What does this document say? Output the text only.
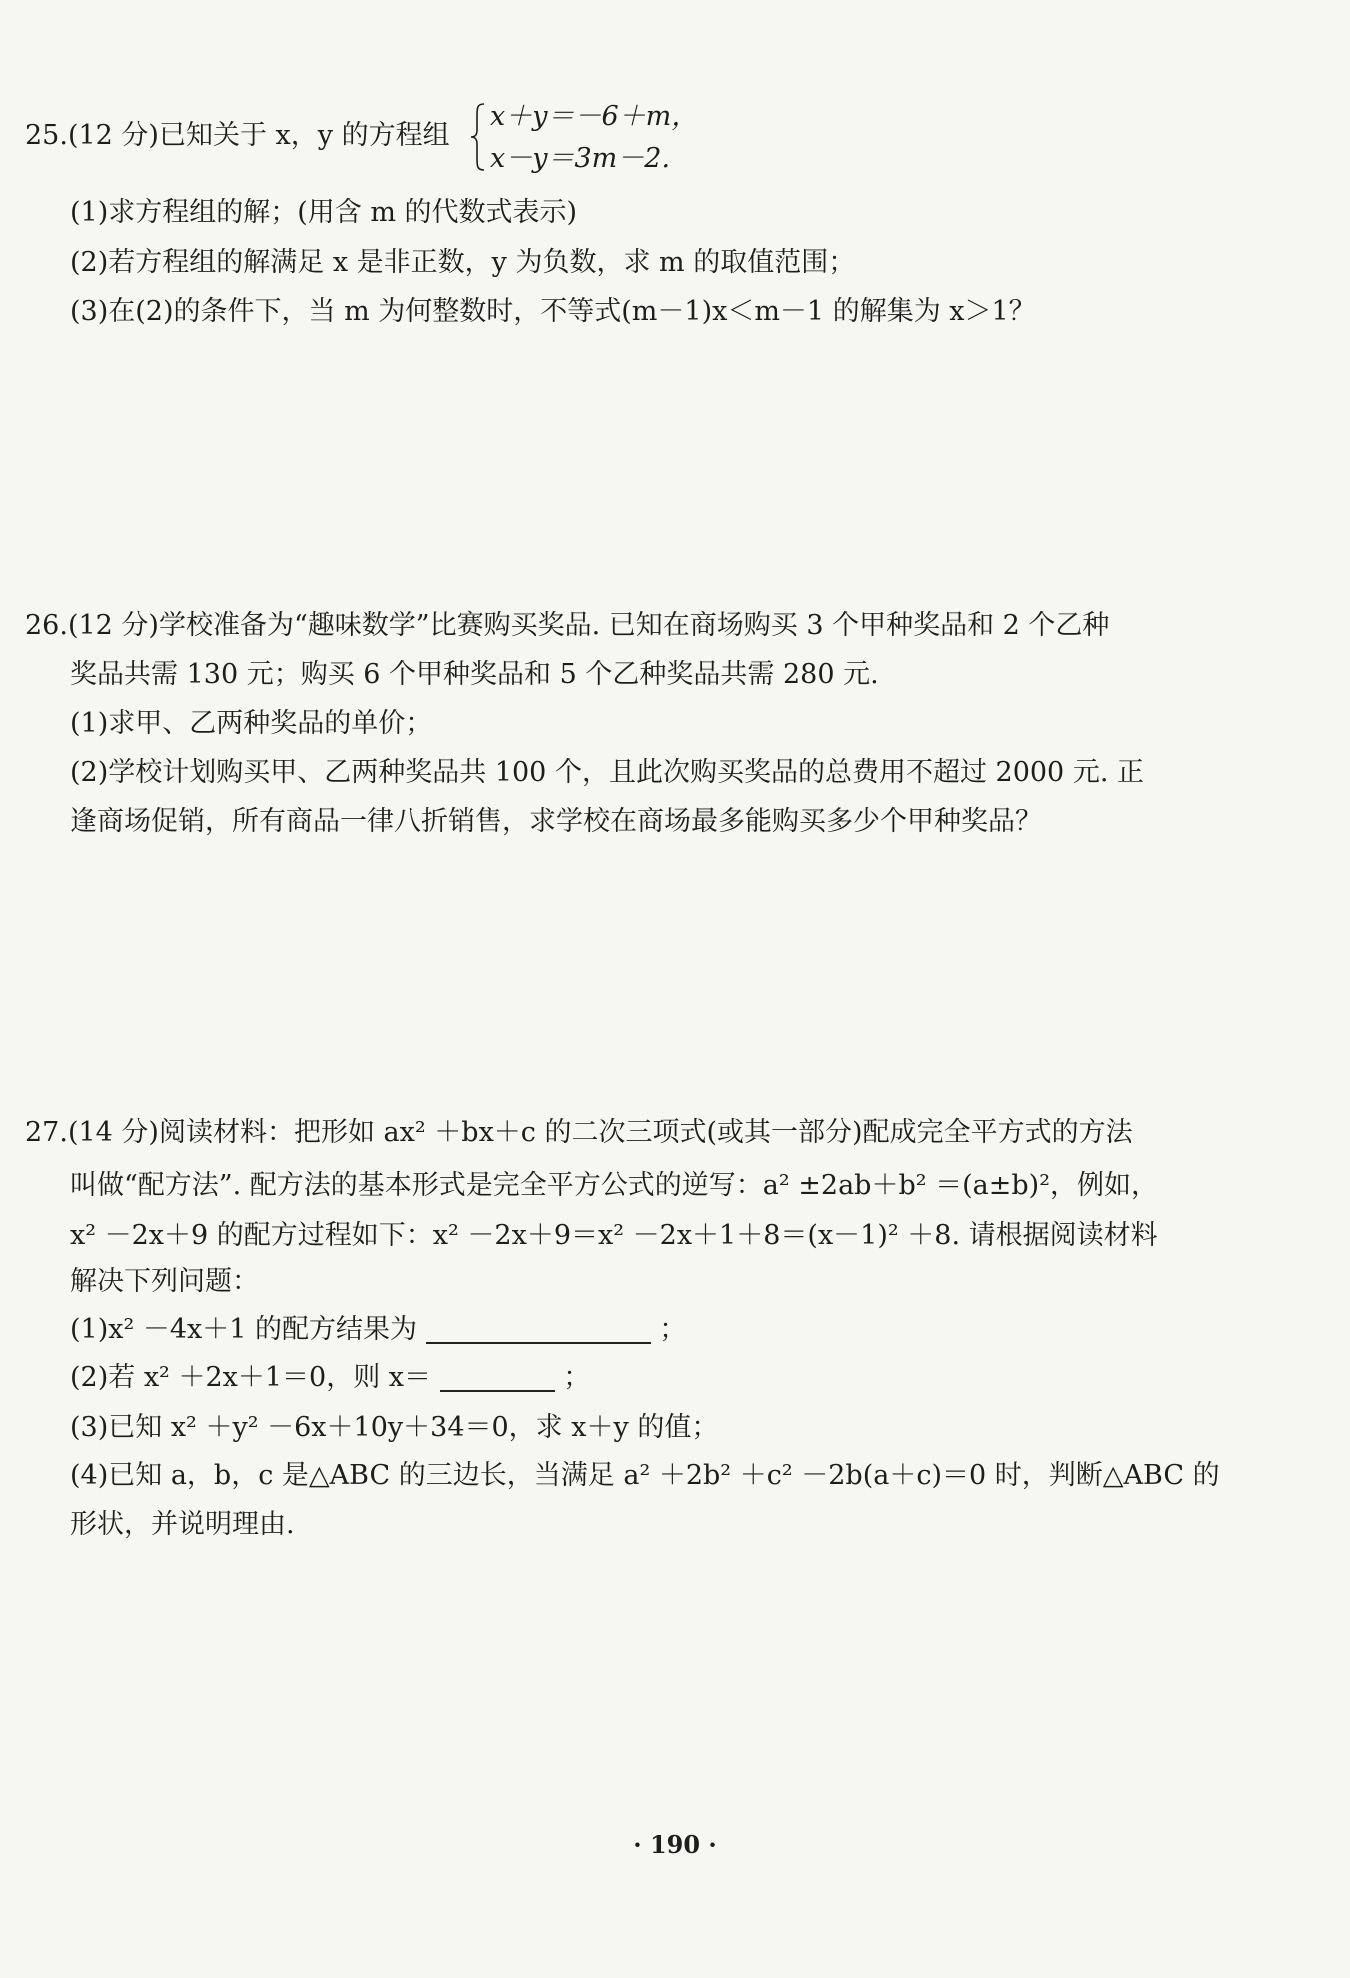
25.(12 分)已知关于 x，y 的方程组
x＋y＝－6＋m，
x－y＝3m－2.
(1)求方程组的解；(用含 m 的代数式表示)
(2)若方程组的解满足 x 是非正数，y 为负数，求 m 的取值范围；
(3)在(2)的条件下，当 m 为何整数时，不等式(m－1)x＜m－1 的解集为 x＞1？
26.(12 分)学校准备为“趣味数学”比赛购买奖品. 已知在商场购买 3 个甲种奖品和 2 个乙种
奖品共需 130 元；购买 6 个甲种奖品和 5 个乙种奖品共需 280 元.
(1)求甲、乙两种奖品的单价；
(2)学校计划购买甲、乙两种奖品共 100 个，且此次购买奖品的总费用不超过 2000 元. 正
逢商场促销，所有商品一律八折销售，求学校在商场最多能购买多少个甲种奖品？
27.(14 分)阅读材料：把形如 ax² ＋bx＋c 的二次三项式(或其一部分)配成完全平方式的方法
叫做“配方法”. 配方法的基本形式是完全平方公式的逆写：a² ±2ab＋b² ＝(a±b)²，例如，
x² －2x＋9 的配方过程如下：x² －2x＋9＝x² －2x＋1＋8＝(x－1)² ＋8. 请根据阅读材料
解决下列问题：
(1)x² －4x＋1 的配方结果为	；
(2)若 x² ＋2x＋1＝0，则 x＝	；
(3)已知 x² ＋y² －6x＋10y＋34＝0，求 x＋y 的值；
(4)已知 a，b，c 是△ABC 的三边长，当满足 a² ＋2b² ＋c² －2b(a＋c)＝0 时，判断△ABC 的
形状，并说明理由.
· 190 ·
